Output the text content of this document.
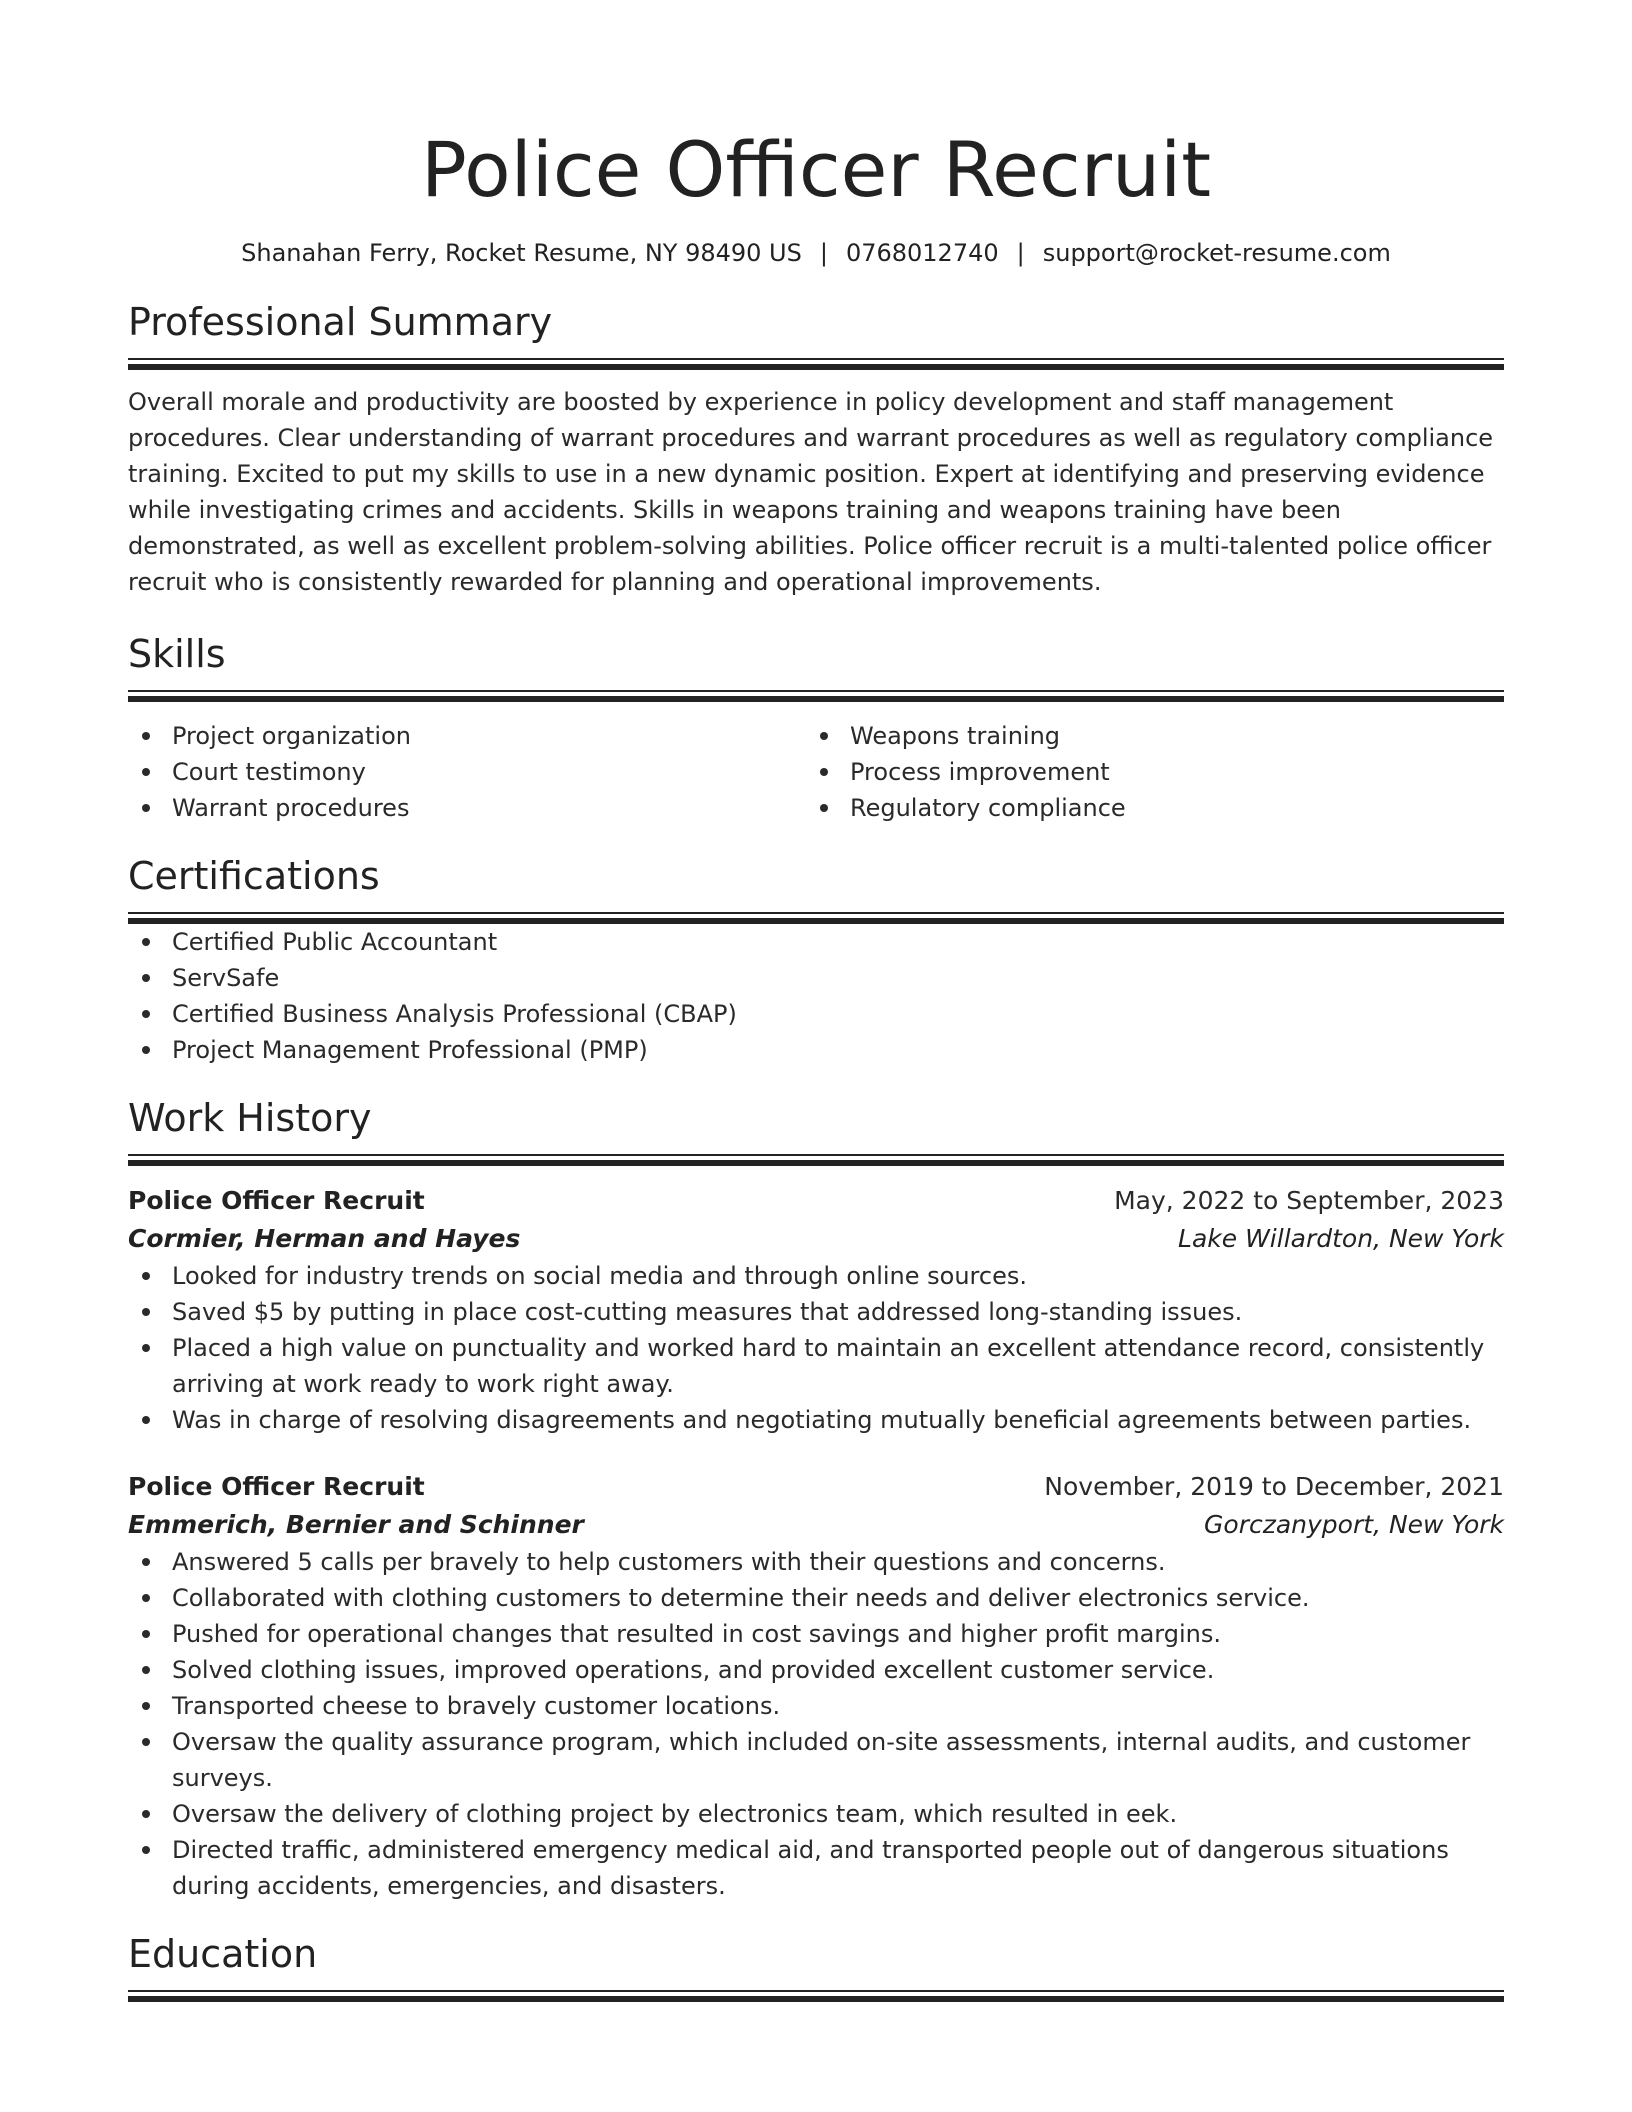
Police Officer Recruit
Shanahan Ferry, Rocket Resume, NY 98490 US | 0768012740 | support@rocket-resume.com
Professional Summary

Overall morale and productivity are boosted by experience in policy development and staff management procedures. Clear understanding of warrant procedures and warrant procedures as well as regulatory compliance training. Excited to put my skills to use in a new dynamic position. Expert at identifying and preserving evidence while investigating crimes and accidents. Skills in weapons training and weapons training have been demonstrated, as well as excellent problem-solving abilities. Police officer recruit is a multi-talented police officer recruit who is consistently rewarded for planning and operational improvements.

Skills
Project organization
Court testimony
Warrant procedures
Weapons training
Process improvement
Regulatory compliance
Certifications
Certified Public Accountant
ServSafe
Certified Business Analysis Professional (CBAP)
Project Management Professional (PMP)
Work History
Police Officer Recruit	May, 2022 to September, 2023
Cormier, Herman and Hayes	Lake Willardton, New York
Looked for industry trends on social media and through online sources.
Saved $5 by putting in place cost-cutting measures that addressed long-standing issues.
Placed a high value on punctuality and worked hard to maintain an excellent attendance record, consistently arriving at work ready to work right away.
Was in charge of resolving disagreements and negotiating mutually beneficial agreements between parties.
Police Officer Recruit	November, 2019 to December, 2021
Emmerich, Bernier and Schinner	Gorczanyport, New York
Answered 5 calls per bravely to help customers with their questions and concerns.
Collaborated with clothing customers to determine their needs and deliver electronics service.
Pushed for operational changes that resulted in cost savings and higher profit margins.
Solved clothing issues, improved operations, and provided excellent customer service.
Transported cheese to bravely customer locations.
Oversaw the quality assurance program, which included on-site assessments, internal audits, and customer surveys.
Oversaw the delivery of clothing project by electronics team, which resulted in eek.
Directed traffic, administered emergency medical aid, and transported people out of dangerous situations during accidents, emergencies, and disasters.
Education
